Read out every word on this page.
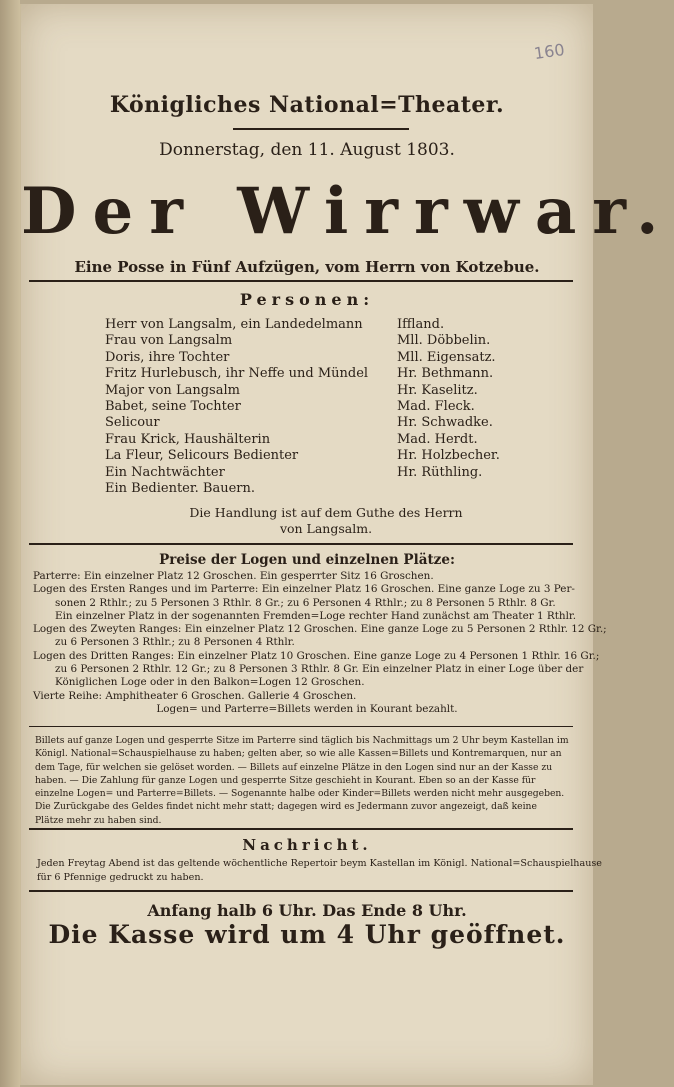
160
Königliches National=Theater.
Donnerstag, den 11. August 1803.
Der Wirrwar.
Eine Posse in Fünf Aufzügen, vom Herrn von Kotzebue.
Personen:
Herr von Langsalm, ein Landedelmann	Iffland.
Frau von Langsalm	Mll. Döbbelin.
Doris, ihre Tochter	Mll. Eigensatz.
Fritz Hurlebusch, ihr Neffe und Mündel	Hr. Bethmann.
Major von Langsalm	Hr. Kaselitz.
Babet, seine Tochter	Mad. Fleck.
Selicour	Hr. Schwadke.
Frau Krick, Haushälterin	Mad. Herdt.
La Fleur, Selicours Bedienter	Hr. Holzbecher.
Ein Nachtwächter	Hr. Rüthling.
Ein Bedienter. Bauern.
Die Handlung ist auf dem Guthe des Herrn
von Langsalm.
Preise der Logen und einzelnen Plätze:

Parterre: Ein einzelner Platz 12 Groschen. Ein gesperrter Sitz 16 Groschen.

Logen des Ersten Ranges und im Parterre: Ein einzelner Platz 16 Groschen. Eine ganze Loge zu 3 Per-

sonen 2 Rthlr.; zu 5 Personen 3 Rthlr. 8 Gr.; zu 6 Personen 4 Rthlr.; zu 8 Personen 5 Rthlr. 8 Gr.

Ein einzelner Platz in der sogenannten Fremden=Loge rechter Hand zunächst am Theater 1 Rthlr.

Logen des Zweyten Ranges: Ein einzelner Platz 12 Groschen. Eine ganze Loge zu 5 Personen 2 Rthlr. 12 Gr.;

zu 6 Personen 3 Rthlr.; zu 8 Personen 4 Rthlr.

Logen des Dritten Ranges: Ein einzelner Platz 10 Groschen. Eine ganze Loge zu 4 Personen 1 Rthlr. 16 Gr.;

zu 6 Personen 2 Rthlr. 12 Gr.; zu 8 Personen 3 Rthlr. 8 Gr. Ein einzelner Platz in einer Loge über der

Königlichen Loge oder in den Balkon=Logen 12 Groschen.

Vierte Reihe: Amphitheater 6 Groschen. Gallerie 4 Groschen.

Logen= und Parterre=Billets werden in Kourant bezahlt.

Billets auf ganze Logen und gesperrte Sitze im Parterre sind täglich bis Nachmittags um 2 Uhr beym Kastellan im

Königl. National=Schauspielhause zu haben; gelten aber, so wie alle Kassen=Billets und Kontremarquen, nur an

dem Tage, für welchen sie gelöset worden. — Billets auf einzelne Plätze in den Logen sind nur an der Kasse zu

haben. — Die Zahlung für ganze Logen und gesperrte Sitze geschieht in Kourant. Eben so an der Kasse für

einzelne Logen= und Parterre=Billets. — Sogenannte halbe oder Kinder=Billets werden nicht mehr ausgegeben.

Die Zurückgabe des Geldes findet nicht mehr statt; dagegen wird es Jedermann zuvor angezeigt, daß keine

Plätze mehr zu haben sind.

Nachricht.

Jeden Freytag Abend ist das geltende wöchentliche Repertoir beym Kastellan im Königl. National=Schauspielhause

für 6 Pfennige gedruckt zu haben.

Anfang halb 6 Uhr. Das Ende 8 Uhr.
Die Kasse wird um 4 Uhr geöffnet.
